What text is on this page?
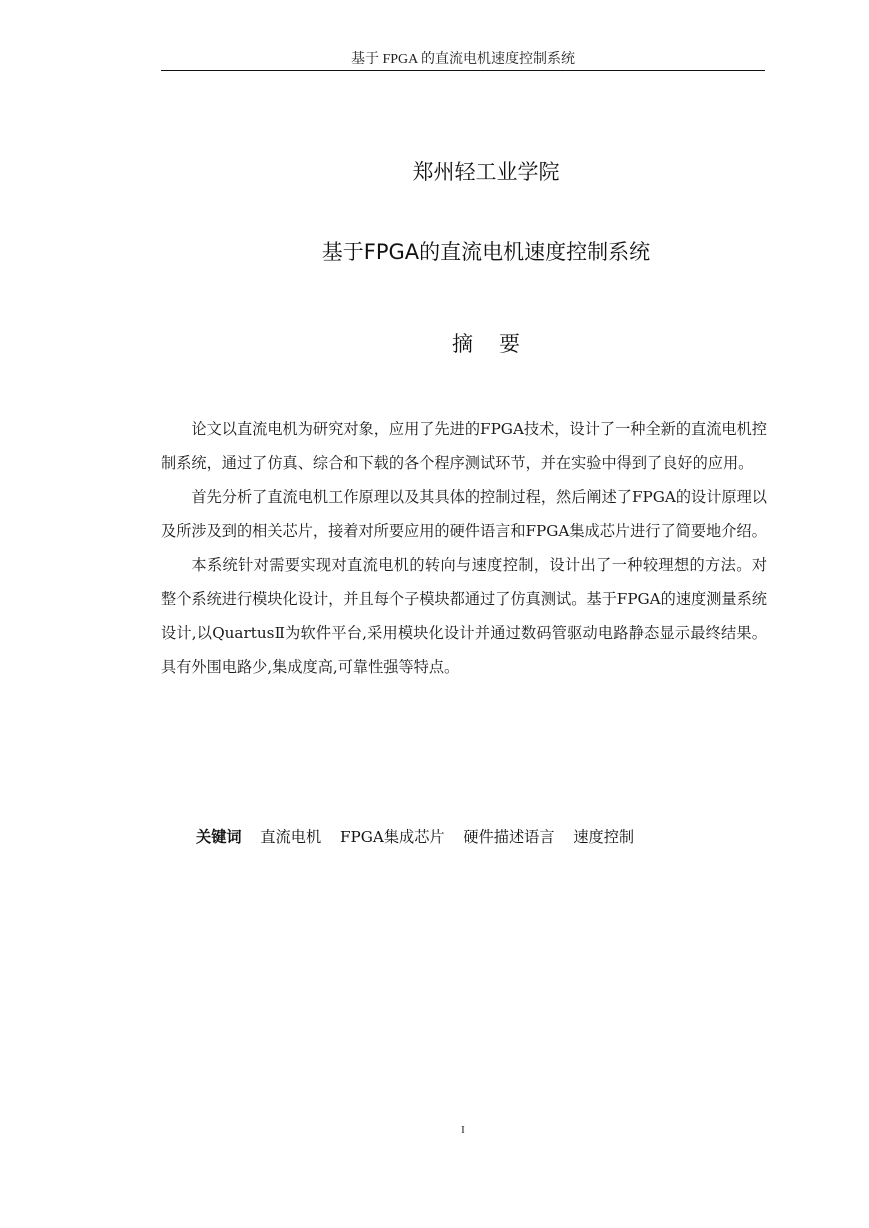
基于 FPGA 的直流电机速度控制系统
郑州轻工业学院
基于FPGA的直流电机速度控制系统
摘要

论文以直流电机为研究对象，应用了先进的FPGA技术，设计了一种全新的直流电机控制系统，通过了仿真、综合和下载的各个程序测试环节，并在实验中得到了良好的应用。

首先分析了直流电机工作原理以及其具体的控制过程，然后阐述了FPGA的设计原理以及所涉及到的相关芯片，接着对所要应用的硬件语言和FPGA集成芯片进行了简要地介绍。

本系统针对需要实现对直流电机的转向与速度控制，设计出了一种较理想的方法。对整个系统进行模块化设计，并且每个子模块都通过了仿真测试。基于FPGA的速度测量系统设计,以QuartusⅡ为软件平台,采用模块化设计并通过数码管驱动电路静态显示最终结果。具有外围电路少,集成度高,可靠性强等特点。

关键词 直流电机 FPGA集成芯片 硬件描述语言 速度控制
I
